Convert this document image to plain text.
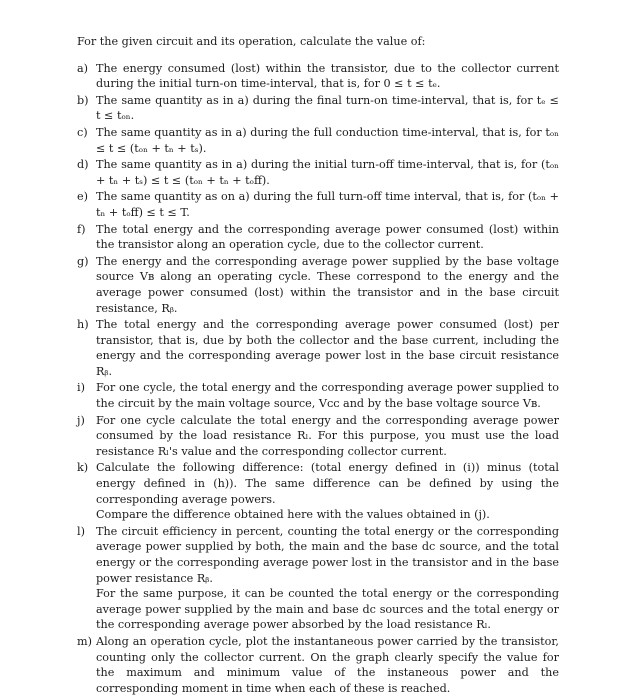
For the given circuit and its operation, calculate the value of:

a) The energy consumed (lost) within the transistor, due to the collector current during the initial turn-on time-interval, that is, for 0 ≤ t ≤ tₑ.
b) The same quantity as in a) during the final turn-on time-interval, that is, for tₑ ≤ t ≤ tₒₙ.
c) The same quantity as in a) during the full conduction time-interval, that is, for tₒₙ ≤ t ≤ (tₒₙ + tₙ + tₛ).
d) The same quantity as in a) during the initial turn-off time-interval, that is, for (tₒₙ + tₙ + tₛ) ≤ t ≤ (tₒₙ + tₙ + tₒff).
e) The same quantity as on a) during the full turn-off time interval, that is, for (tₒₙ + tₙ + tₒff) ≤ t ≤ T.
f) The total energy and the corresponding average power consumed (lost) within the transistor along an operation cycle, due to the collector current.
g) The energy and the corresponding average power supplied by the base voltage source Vʙ along an operating cycle. These correspond to the energy and the average power consumed (lost) within the transistor and in the base circuit resistance, Rᵦ.
h) The total energy and the corresponding average power consumed (lost) per transistor, that is, due by both the collector and the base current, including the energy and the corresponding average power lost in the base circuit resistance Rᵦ.
i) For one cycle, the total energy and the corresponding average power supplied to the circuit by the main voltage source, Vᴄᴄ and by the base voltage source Vʙ.
j) For one cycle calculate the total energy and the corresponding average power consumed by the load resistance Rₗ. For this purpose, you must use the load resistance Rₗ's value and the corresponding collector current.
k) Calculate the following difference: (total energy defined in (i)) minus (total energy defined in (h)). The same difference can be defined by using the corresponding average powers.
Compare the difference obtained here with the values obtained in (j).
l) The circuit efficiency in percent, counting the total energy or the corresponding average power supplied by both, the main and the base dc source, and the total energy or the corresponding average power lost in the transistor and in the base power resistance Rᵦ.
For the same purpose, it can be counted the total energy or the corresponding average power supplied by the main and base dc sources and the total energy or the corresponding average power absorbed by the load resistance Rₗ.
m) Along an operation cycle, plot the instantaneous power carried by the transistor, counting only the collector current. On the graph clearly specify the value for the maximum and minimum value of the instaneous power and the corresponding moment in time when each of these is reached.
